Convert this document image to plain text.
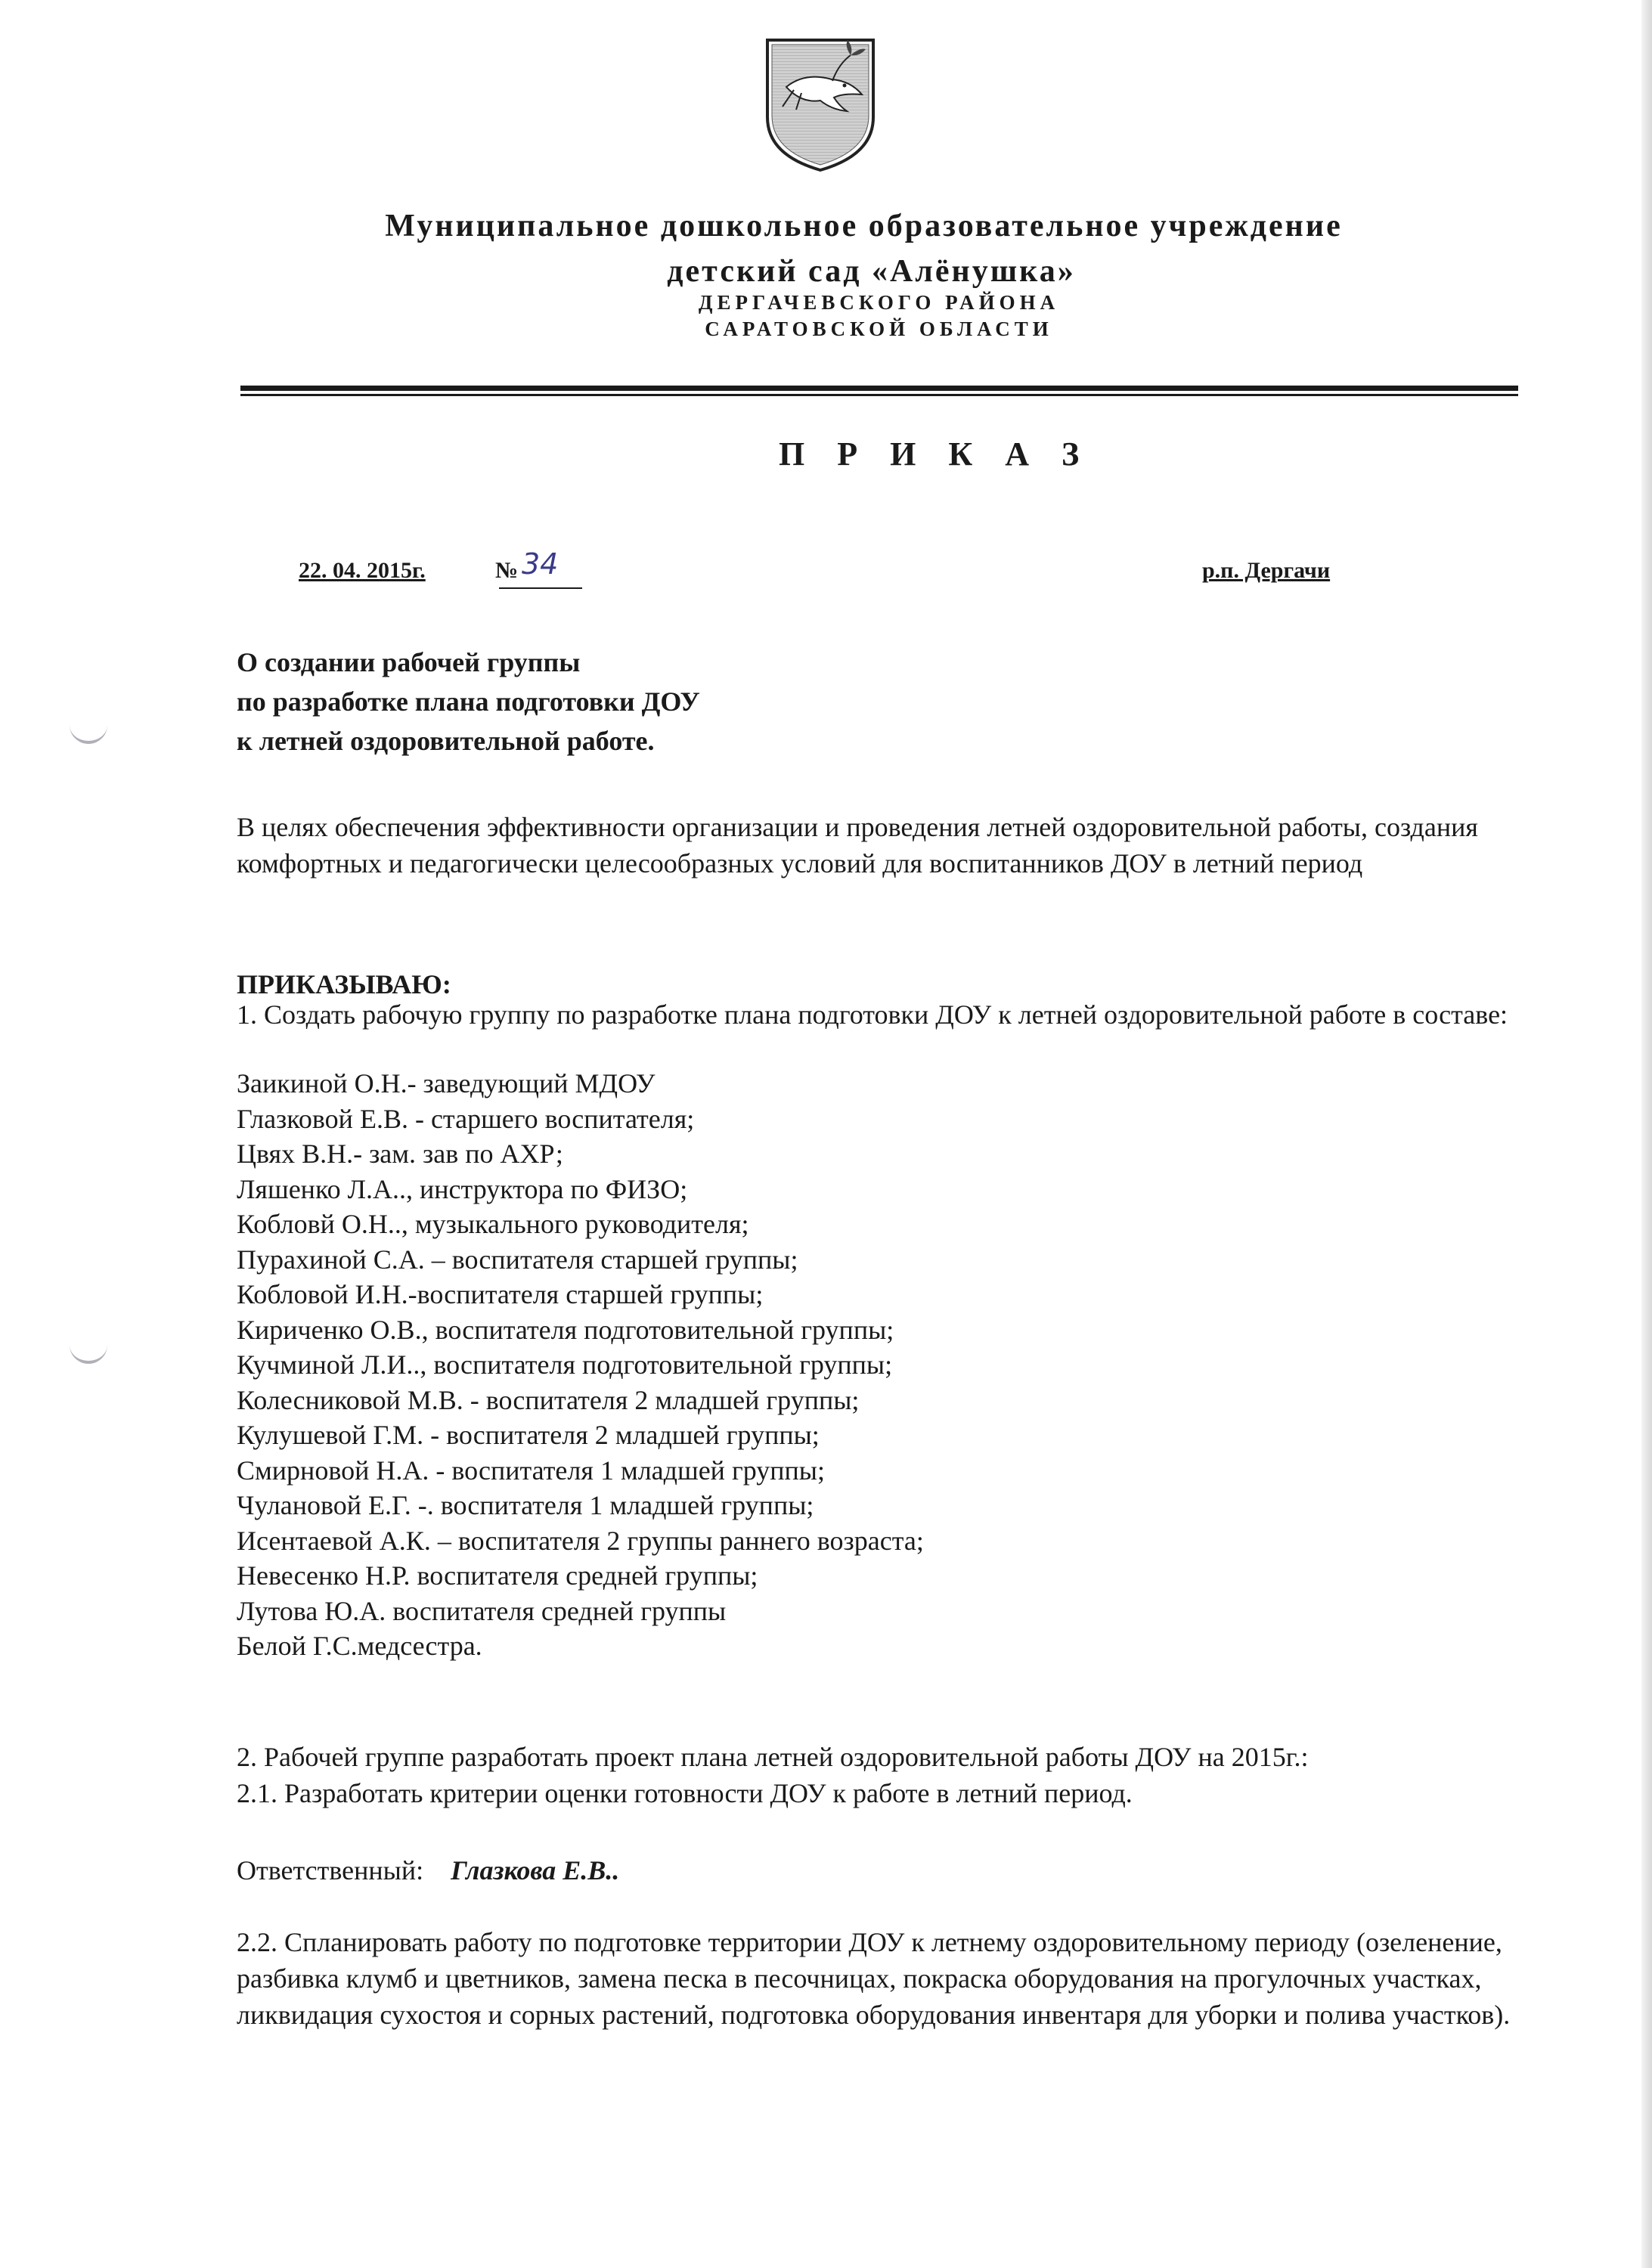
Муниципальное дошкольное образовательное учреждение
детский сад «Алёнушка»
ДЕРГАЧЕВСКОГО РАЙОНА
САРАТОВСКОЙ ОБЛАСТИ
П Р И К А З
22. 04. 2015г.	№ 34	р.п. Дергачи
О создании рабочей группы
по разработке плана подготовки ДОУ
к летней оздоровительной работе.
В целях обеспечения эффективности организации и проведения летней оздоровительной работы, создания комфортных и педагогически целесообразных условий для воспитанников ДОУ в летний период
ПРИКАЗЫВАЮ:
1. Создать рабочую группу по разработке плана подготовки ДОУ к летней оздоровительной работе в составе:
Заикиной О.Н.- заведующий МДОУ
Глазковой Е.В. - старшего воспитателя;
Цвях В.Н.- зам. зав по АХР;
Ляшенко Л.А.., инструктора по ФИЗО;
Кобловй О.Н.., музыкального руководителя;
Пурахиной С.А. – воспитателя старшей группы;
Кобловой И.Н.-воспитателя старшей группы;
Кириченко О.В., воспитателя подготовительной группы;
Кучминой Л.И.., воспитателя подготовительной группы;
Колесниковой М.В. - воспитателя 2 младшей группы;
Кулушевой Г.М. - воспитателя 2 младшей группы;
Смирновой Н.А. - воспитателя 1 младшей группы;
Чулановой Е.Г. -. воспитателя 1 младшей группы;
Исентаевой А.К. – воспитателя 2 группы раннего возраста;
Невесенко Н.Р. воспитателя средней группы;
Лутова Ю.А. воспитателя средней группы
Белой Г.С.медсестра.
2. Рабочей группе разработать проект плана летней оздоровительной работы ДОУ на 2015г.:
2.1. Разработать критерии оценки готовности ДОУ к работе в летний период.
Ответственный: Глазкова Е.В..
2.2. Спланировать работу по подготовке территории ДОУ к летнему оздоровительному периоду (озеленение, разбивка клумб и цветников, замена песка в песочницах, покраска оборудования на прогулочных участках, ликвидация сухостоя и сорных растений, подготовка оборудования инвентаря для уборки и полива участков).
